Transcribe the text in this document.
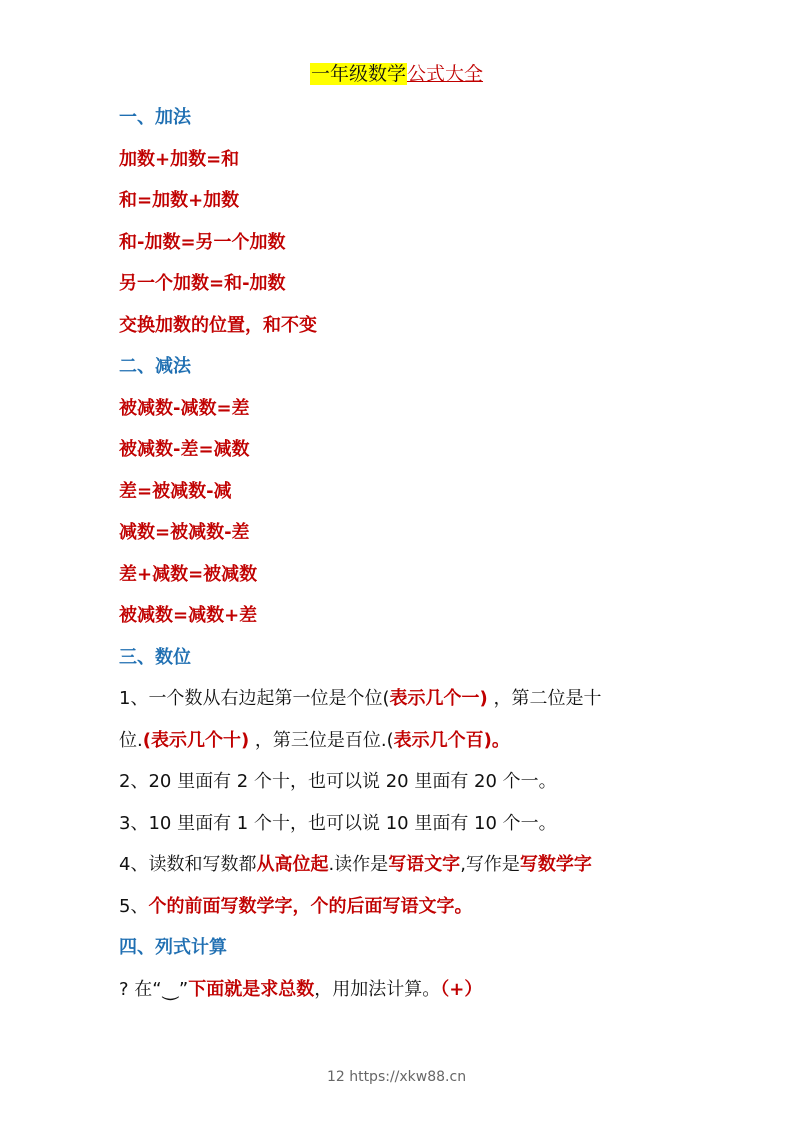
一年级数学公式大全
一、加法
加数+加数=和
和=加数+加数
和-加数=另一个加数
另一个加数=和-加数
交换加数的位置，和不变
二、减法
被减数-减数=差
被减数-差=减数
差=被减数-减
减数=被减数-差
差+减数=被减数
被减数=减数+差
三、数位
1、一个数从右边起第一位是个位(表示几个一) ，第二位是十
位.(表示几个十) ，第三位是百位.(表示几个百)。
2、20 里面有 2 个十，也可以说 20 里面有 20 个一。
3、10 里面有 1 个十，也可以说 10 里面有 10 个一。
4、读数和写数都从高位起.读作是写语文字,写作是写数学字
5、个的前面写数学字，个的后面写语文字。
四、列式计算
? 在“⏝”下面就是求总数，用加法计算。（+）
12 https://xkw88.cn
